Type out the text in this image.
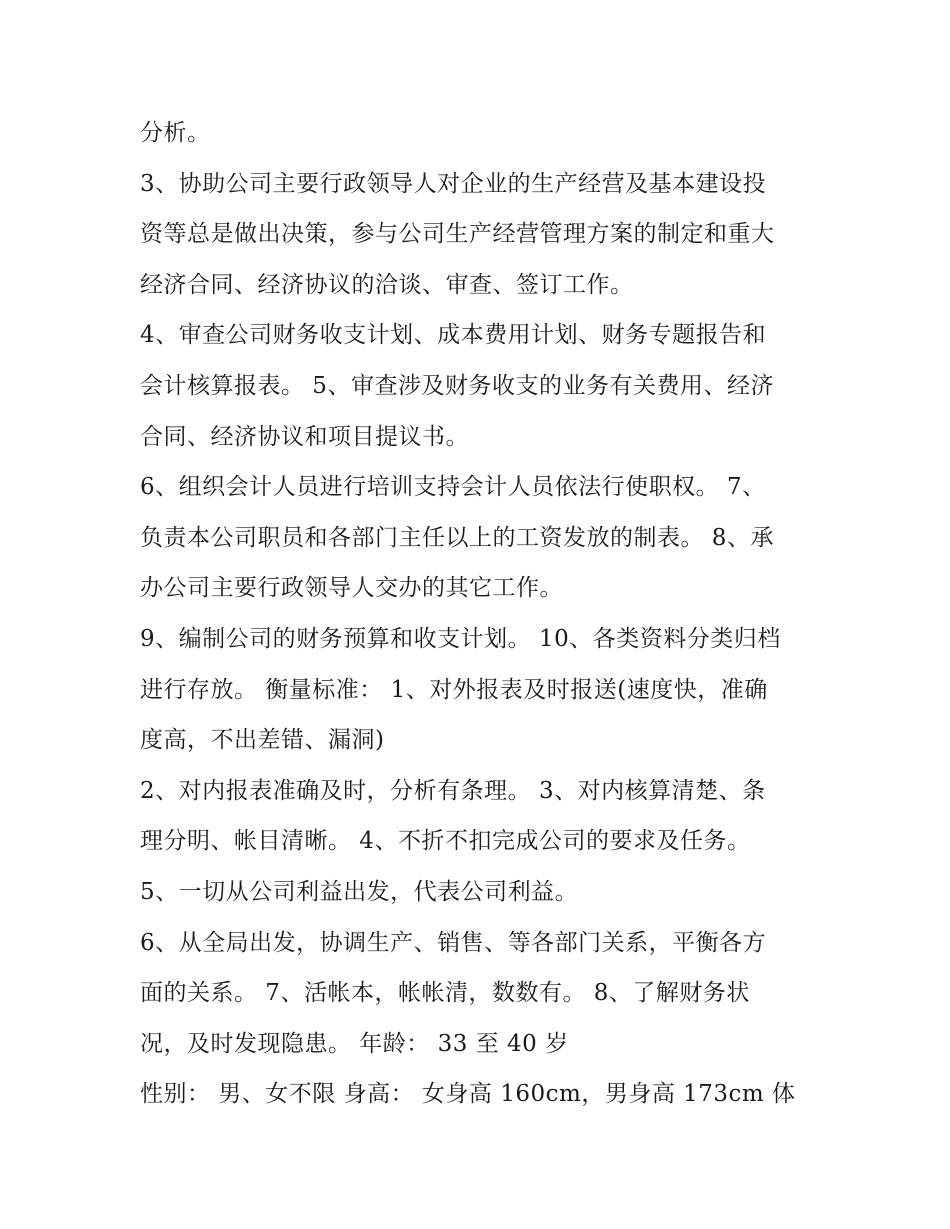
分析。
3、协助公司主要行政领导人对企业的生产经营及基本建设投
资等总是做出决策，参与公司生产经营管理方案的制定和重大
经济合同、经济协议的洽谈、审查、签订工作。
4、审查公司财务收支计划、成本费用计划、财务专题报告和
会计核算报表。 5、审查涉及财务收支的业务有关费用、经济
合同、经济协议和项目提议书。
6、组织会计人员进行培训支持会计人员依法行使职权。 7、
负责本公司职员和各部门主任以上的工资发放的制表。 8、承
办公司主要行政领导人交办的其它工作。
9、编制公司的财务预算和收支计划。 10、各类资料分类归档
进行存放。 衡量标准： 1、对外报表及时报送(速度快，准确
度高，不出差错、漏洞)
2、对内报表准确及时，分析有条理。 3、对内核算清楚、条
理分明、帐目清晰。 4、不折不扣完成公司的要求及任务。
5、一切从公司利益出发，代表公司利益。
6、从全局出发，协调生产、销售、等各部门关系，平衡各方
面的关系。 7、活帐本，帐帐清，数数有。 8、了解财务状
况，及时发现隐患。 年龄： 33 至 40 岁
性别： 男、女不限 身高： 女身高 160cm，男身高 173cm 体
